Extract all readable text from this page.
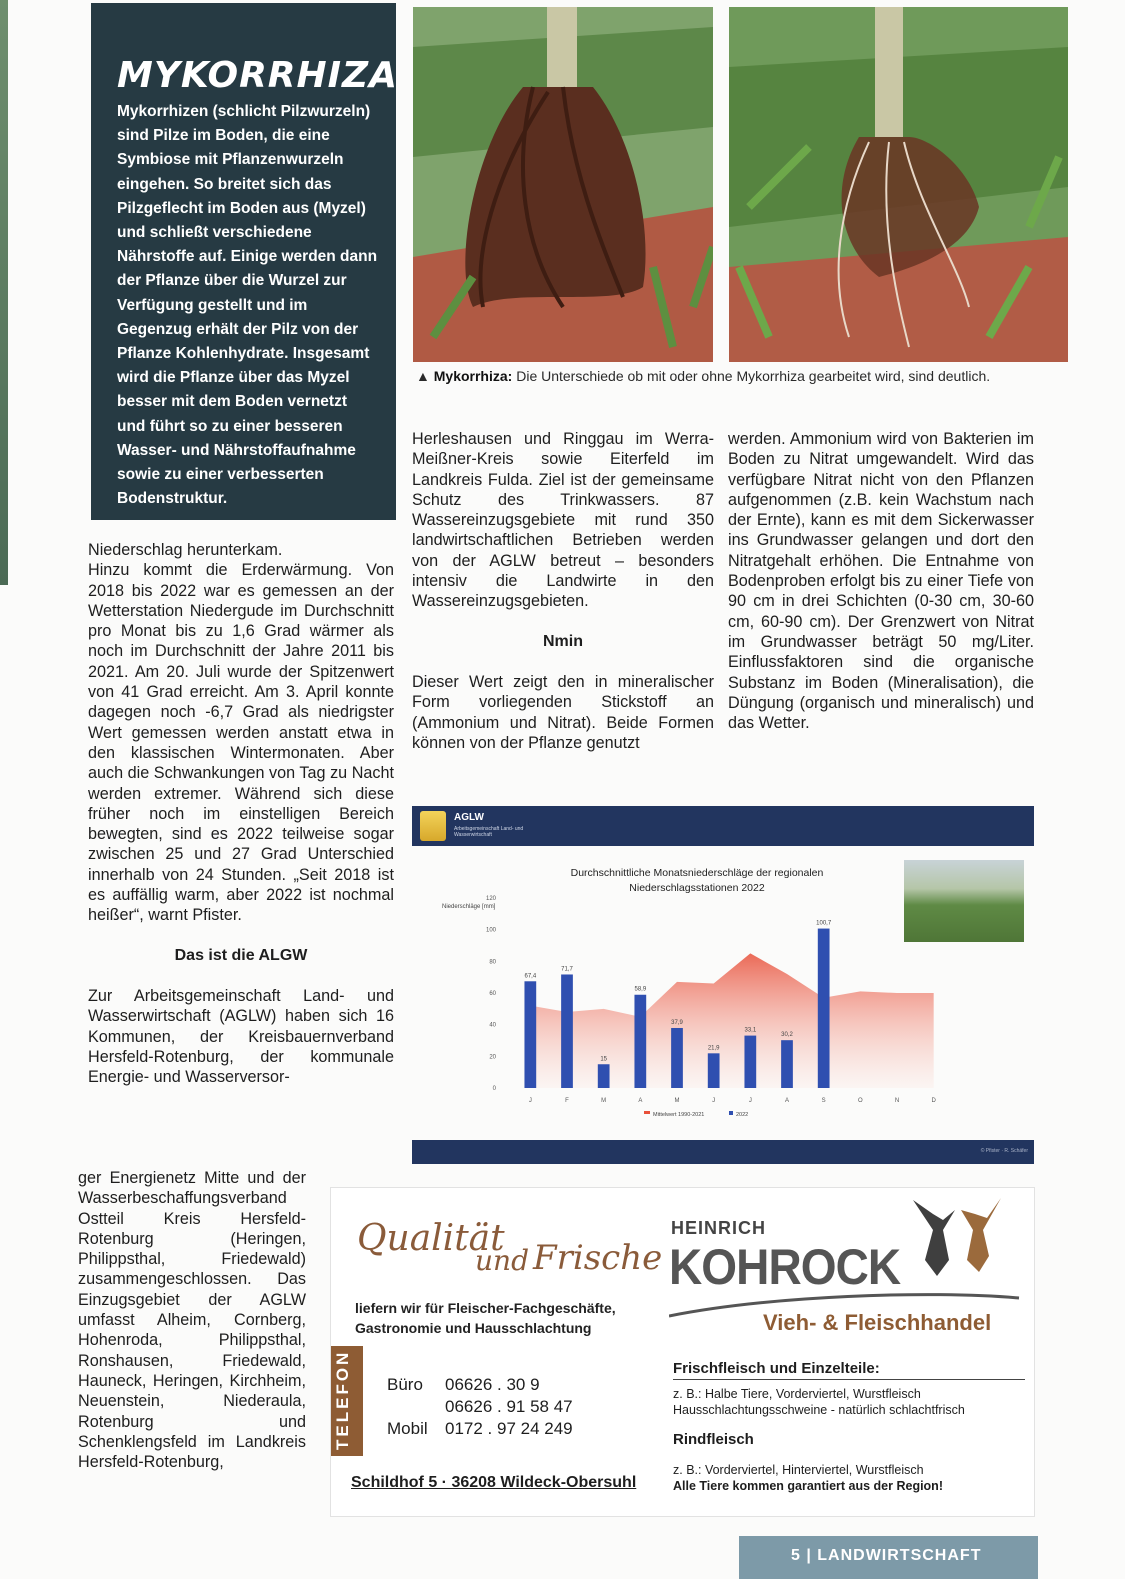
MYKORRHIZA

Mykorrhizen (schlicht Pilzwurzeln) sind Pilze im Boden, die eine Symbiose mit Pflanzenwurzeln eingehen. So breitet sich das Pilzgeflecht im Boden aus (Myzel) und schließt verschiedene Nährstoffe auf. Einige werden dann der Pflanze über die Wurzel zur Verfügung gestellt und im Gegenzug erhält der Pilz von der Pflanze Kohlenhydrate. Insgesamt wird die Pflanze über das Myzel besser mit dem Boden vernetzt und führt so zu einer besseren Wasser- und Nährstoffaufnahme sowie zu einer verbesserten Bodenstruktur.

▲ Mykorrhiza: Die Unterschiede ob mit oder ohne Mykorrhiza gearbeitet wird, sind deutlich.

Niederschlag herunterkam.

Hinzu kommt die Erderwärmung. Von 2018 bis 2022 war es gemessen an der Wetterstation Niedergude im Durchschnitt pro Monat bis zu 1,6 Grad wärmer als noch im Durchschnitt der Jahre 2011 bis 2021. Am 20. Juli wurde der Spitzenwert von 41 Grad erreicht. Am 3. April konnte dagegen noch -6,7 Grad als niedrigster Wert gemessen werden anstatt etwa in den klassischen Wintermonaten. Aber auch die Schwankungen von Tag zu Nacht werden extremer. Während sich diese früher noch im einstelligen Bereich bewegten, sind es 2022 teilweise sogar zwischen 25 und 27 Grad Unterschied innerhalb von 24 Stunden. „Seit 2018 ist es auffällig warm, aber 2022 ist nochmal heißer“, warnt Pfister.

Das ist die ALGW

Zur Arbeitsgemeinschaft Land- und Wasserwirtschaft (AGLW) haben sich 16 Kommunen, der Kreisbauernverband Hersfeld-Rotenburg, der kommunale Energie- und Wasserversor-

ger Energienetz Mitte und der Wasserbeschaffungsverband Ostteil Kreis Hersfeld-Rotenburg (Heringen, Philippsthal, Friedewald) zusammengeschlossen. Das Einzugsgebiet der AGLW umfasst Alheim, Cornberg, Hohenroda, Philippsthal, Ronshausen, Friedewald, Hauneck, Heringen, Kirchheim, Neuenstein, Niederaula, Rotenburg und Schenklengsfeld im Landkreis Hersfeld-Rotenburg,

Herleshausen und Ringgau im Werra-Meißner-Kreis sowie Eiterfeld im Landkreis Fulda. Ziel ist der gemeinsame Schutz des Trinkwassers. 87 Wassereinzugsgebiete mit rund 350 landwirtschaftlichen Betrieben werden von der AGLW betreut – besonders intensiv die Landwirte in den Wassereinzugsgebieten.

Nmin

Dieser Wert zeigt den in mineralischer Form vorliegenden Stickstoff an (Ammonium und Nitrat). Beide Formen können von der Pflanze genutzt

werden. Ammonium wird von Bakterien im Boden zu Nitrat umgewandelt. Wird das verfügbare Nitrat nicht von den Pflanzen aufgenommen (z.B. kein Wachstum nach der Ernte), kann es mit dem Sickerwasser ins Grundwasser gelangen und dort den Nitratgehalt erhöhen. Die Entnahme von Bodenproben erfolgt bis zu einer Tiefe von 90 cm in drei Schichten (0-30 cm, 30-60 cm, 60-90 cm). Der Grenzwert von Nitrat im Grundwasser beträgt 50 mg/Liter. Einflussfaktoren sind die organische Substanz im Boden (Mineralisation), die Düngung (organisch und mineralisch) und das Wetter.

AGLW
Arbeitsgemeinschaft Land- und Wasserwirtschaft
Durchschnittliche Monatsniederschläge der regionalen Niederschlagsstationen 2022
Niederschläge [mm]
0
20
40
60
80
100
120
67,4
71,7
15
58,9
37,9
21,9
33,1
30,2
100,7
J	F	M	A	M	J	J	A	S	O	N	D
Mittelwert 1990-2021	2022
© Pfister · R. Schäfer
Qualität
und Frische
liefern wir für Fleischer-Fachgeschäfte, Gastronomie und Hausschlachtung
TELEFON Büro	06626 . 30 9
06626 . 91 58 47
Mobil	0172 . 97 24 249
Schildhof 5 · 36208 Wildeck-Obersuhl
HEINRICH
KOHROCK
Vieh- & Fleischhandel
Frischfleisch und Einzelteile:
z. B.: Halbe Tiere, Vorderviertel, Wurstfleisch
Hausschlachtungsschweine - natürlich schlachtfrisch
Rindfleisch
z. B.: Vorderviertel, Hinterviertel, Wurstfleisch
Alle Tiere kommen garantiert aus der Region!
5 | LANDWIRTSCHAFT
